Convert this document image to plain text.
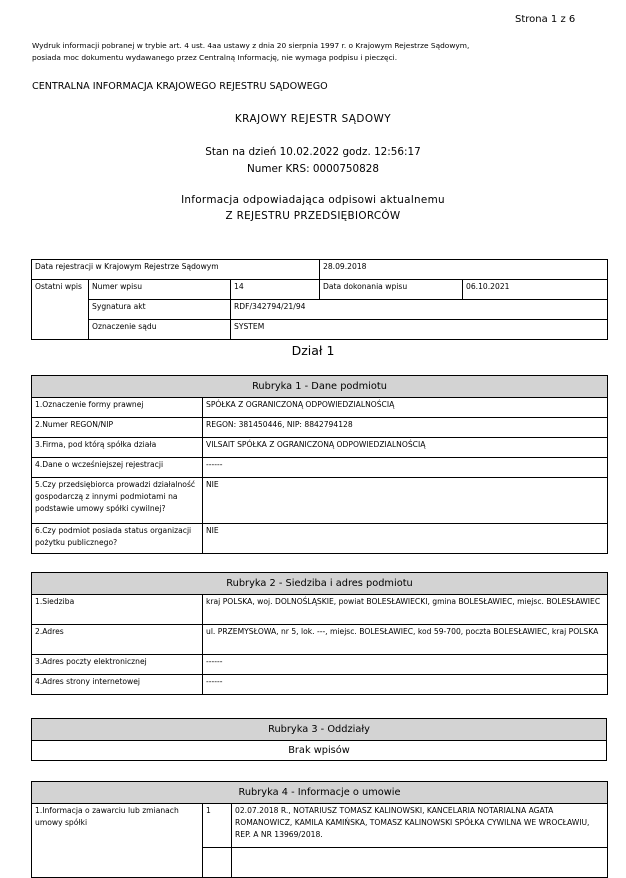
Strona 1 z 6
Wydruk informacji pobranej w trybie art. 4 ust. 4aa ustawy z dnia 20 sierpnia 1997 r. o Krajowym Rejestrze Sądowym,
posiada moc dokumentu wydawanego przez Centralną Informację, nie wymaga podpisu i pieczęci.
CENTRALNA INFORMACJA KRAJOWEGO REJESTRU SĄDOWEGO
KRAJOWY REJESTR SĄDOWY
Stan na dzień 10.02.2022 godz. 12:56:17
Numer KRS: 0000750828
Informacja odpowiadająca odpisowi aktualnemu
Z REJESTRU PRZEDSIĘBIORCÓW
Data rejestracji w Krajowym Rejestrze Sądowym			28.09.2018	
Ostatni wpis	Numer wpisu	14	Data dokonania wpisu	06.10.2021
	Sygnatura akt	RDF/342794/21/94		
	Oznaczenie sądu	SYSTEM		
Dział 1
Rubryka 1 - Dane podmiotu	
1.Oznaczenie formy prawnej	SPÓŁKA Z OGRANICZONĄ ODPOWIEDZIALNOŚCIĄ
2.Numer REGON/NIP	REGON: 381450446, NIP: 8842794128
3.Firma, pod którą spółka działa	VILSAIT SPÓŁKA Z OGRANICZONĄ ODPOWIEDZIALNOŚCIĄ
4.Dane o wcześniejszej rejestracji	------
5.Czy przedsiębiorca prowadzi działalność gospodarczą z innymi podmiotami na podstawie umowy spółki cywilnej?	NIE
6.Czy podmiot posiada status organizacji pożytku publicznego?	NIE
Rubryka 2 - Siedziba i adres podmiotu	
1.Siedziba	kraj POLSKA, woj. DOLNOŚLĄSKIE, powiat BOLESŁAWIECKI, gmina BOLESŁAWIEC, miejsc. BOLESŁAWIEC
2.Adres	ul. PRZEMYSŁOWA, nr 5, lok. ---, miejsc. BOLESŁAWIEC, kod 59-700, poczta BOLESŁAWIEC, kraj POLSKA
3.Adres poczty elektronicznej	------
4.Adres strony internetowej	------
Rubryka 3 - Oddziały
Brak wpisów
Rubryka 4 - Informacje o umowie		
1.Informacja o zawarciu lub zmianach umowy spółki	1	02.07.2018 R., NOTARIUSZ TOMASZ KALINOWSKI, KANCELARIA NOTARIALNA AGATA ROMANOWICZ, KAMILA KAMIŃSKA, TOMASZ KALINOWSKI SPÓŁKA CYWILNA WE WROCŁAWIU, REP. A NR 13969/2018.
